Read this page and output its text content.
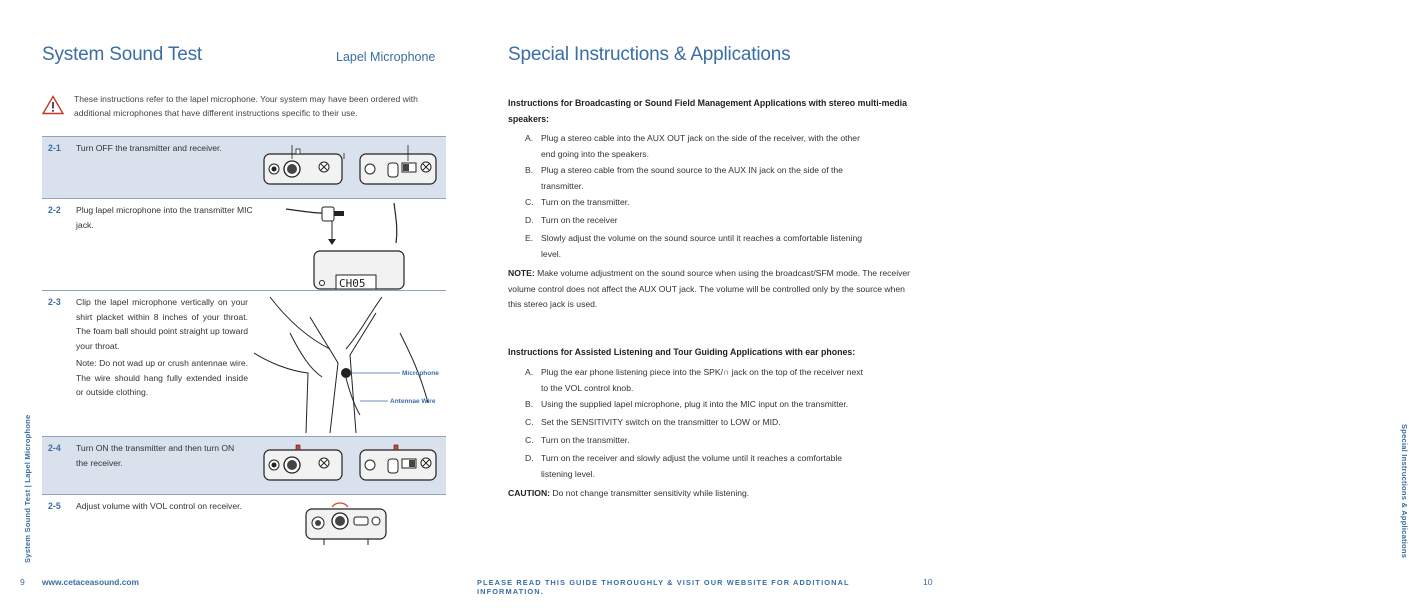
System Sound Test	Lapel Microphone
These instructions refer to the lapel microphone. Your system may have been ordered with additional microphones that have different instructions specific to their use.
2-1 Turn OFF the transmitter and receiver.
2-2 Plug lapel microphone into the transmitter MIC jack.
CH05
2-3 Clip the lapel microphone vertically on your shirt placket within 8 inches of your throat. The foam ball should point straight up toward your throat.
Note: Do not wad up or crush antennae wire. The wire should hang fully extended inside or outside clothing.
Microphone
Antennae Wire
2-4 Turn ON the transmitter and then turn ON the receiver.
2-5 Adjust volume with VOL control on receiver.
System Sound Test | Lapel Microphone
9 www.cetaceasound.com
Special Instructions & Applications
Instructions for Broadcasting or Sound Field Management Applications with stereo multi-media speakers:
A. Plug a stereo cable into the AUX OUT jack on the side of the receiver, with the other end going into the speakers.
B. Plug a stereo cable from the sound source to the AUX IN jack on the side of the transmitter.
C. Turn on the transmitter.
D. Turn on the receiver
E. Slowly adjust the volume on the sound source until it reaches a comfortable listening level.
NOTE: Make volume adjustment on the sound source when using the broadcast/SFM mode. The receiver volume control does not affect the AUX OUT jack. The volume will be controlled only by the source when this stereo jack is used.
Instructions for Assisted Listening and Tour Guiding Applications with ear phones:
A. Plug the ear phone listening piece into the SPK/∩ jack on the top of the receiver next to the VOL control knob.
B. Using the supplied lapel microphone, plug it into the MIC input on the transmitter.
C. Set the SENSITIVITY switch on the transmitter to LOW or MID.
C. Turn on the transmitter.
D. Turn on the receiver and slowly adjust the volume until it reaches a comfortable listening level.
CAUTION: Do not change transmitter sensitivity while listening.	Special Instructions & Applications
PLEASE READ THIS GUIDE THOROUGHLY & VISIT OUR WEBSITE FOR ADDITIONAL INFORMATION.
10
